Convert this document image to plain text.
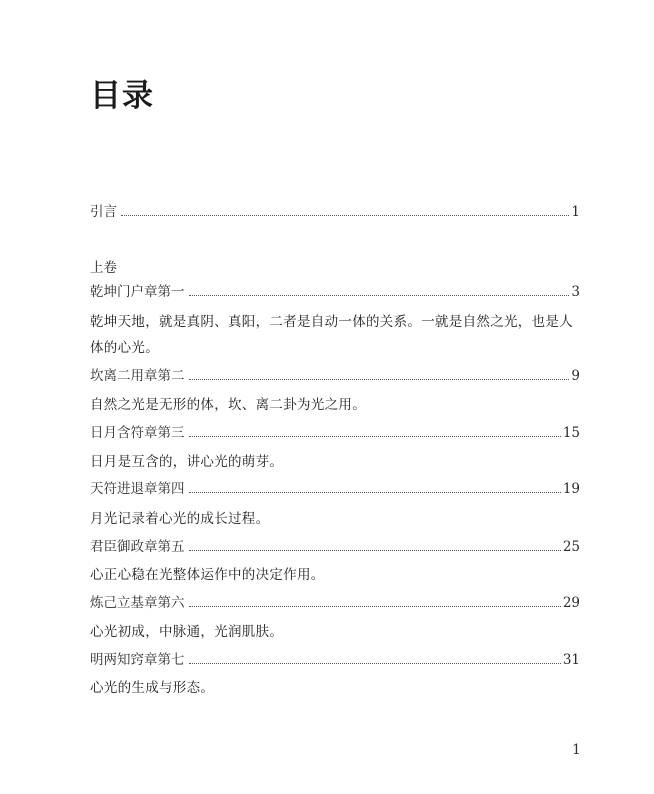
目录
引言	1
上卷
乾坤门户章第一	3
乾坤天地，就是真阴、真阳，二者是自动一体的关系。一就是自然之光，也是人体的心光。
坎离二用章第二	9
自然之光是无形的体，坎、离二卦为光之用。
日月含符章第三	15
日月是互含的，讲心光的萌芽。
天符进退章第四	19
月光记录着心光的成长过程。
君臣御政章第五	25
心正心稳在光整体运作中的决定作用。
炼己立基章第六	29
心光初成，中脉通，光润肌肤。
明两知窍章第七	31
心光的生成与形态。
1
